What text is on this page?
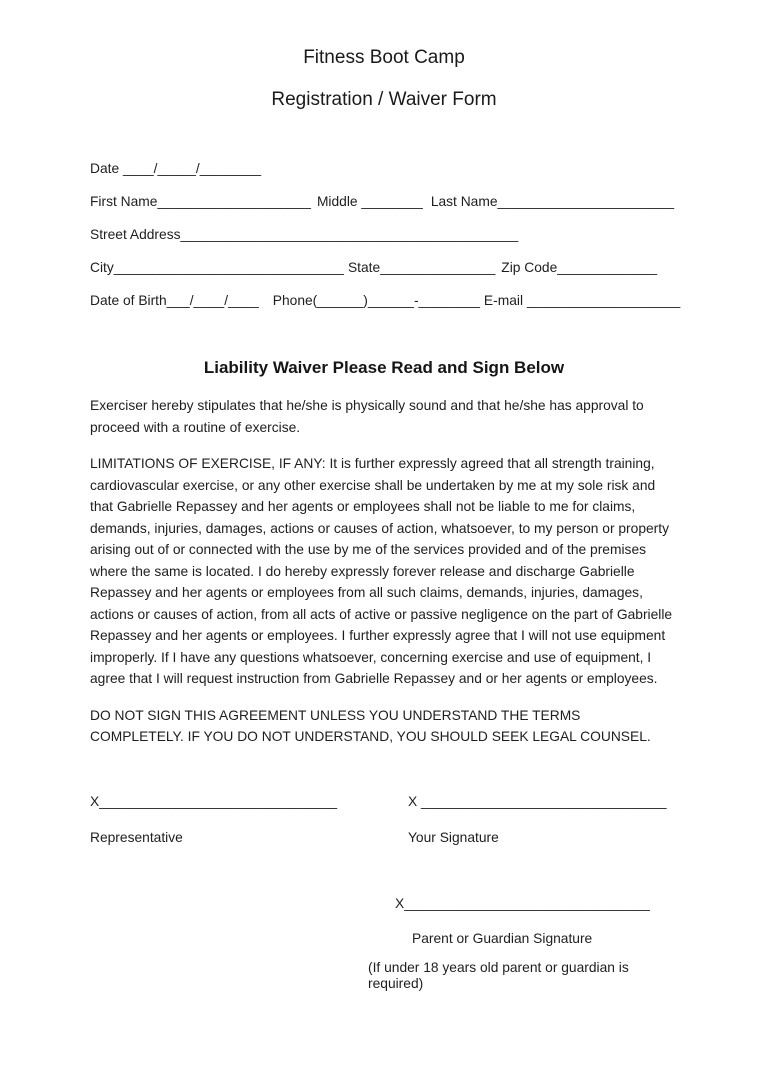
Fitness Boot Camp
Registration / Waiver Form
Date ____/_____/________
First Name____________________ Middle ________ Last Name_______________________
Street Address____________________________________________
City______________________________ State_______________ Zip Code_____________
Date of Birth___/____/____ Phone(______)______-________ E-mail ____________________
Liability Waiver Please Read and Sign Below
Exerciser hereby stipulates that he/she is physically sound and that he/she has approval to proceed with a routine of exercise.
LIMITATIONS OF EXERCISE, IF ANY: It is further expressly agreed that all strength training, cardiovascular exercise, or any other exercise shall be undertaken by me at my sole risk and that Gabrielle Repassey and her agents or employees shall not be liable to me for claims, demands, injuries, damages, actions or causes of action, whatsoever, to my person or property arising out of or connected with the use by me of the services provided and of the premises where the same is located. I do hereby expressly forever release and discharge Gabrielle Repassey and her agents or employees from all such claims, demands, injuries, damages, actions or causes of action, from all acts of active or passive negligence on the part of Gabrielle Repassey and her agents or employees. I further expressly agree that I will not use equipment improperly. If I have any questions whatsoever, concerning exercise and use of equipment, I agree that I will request instruction from Gabrielle Repassey and or her agents or employees.
DO NOT SIGN THIS AGREEMENT UNLESS YOU UNDERSTAND THE TERMS COMPLETELY. IF YOU DO NOT UNDERSTAND, YOU SHOULD SEEK LEGAL COUNSEL.
X_______________________________
Representative
X ________________________________
Your Signature
X________________________________
Parent or Guardian Signature
(If under 18 years old parent or guardian is required)
